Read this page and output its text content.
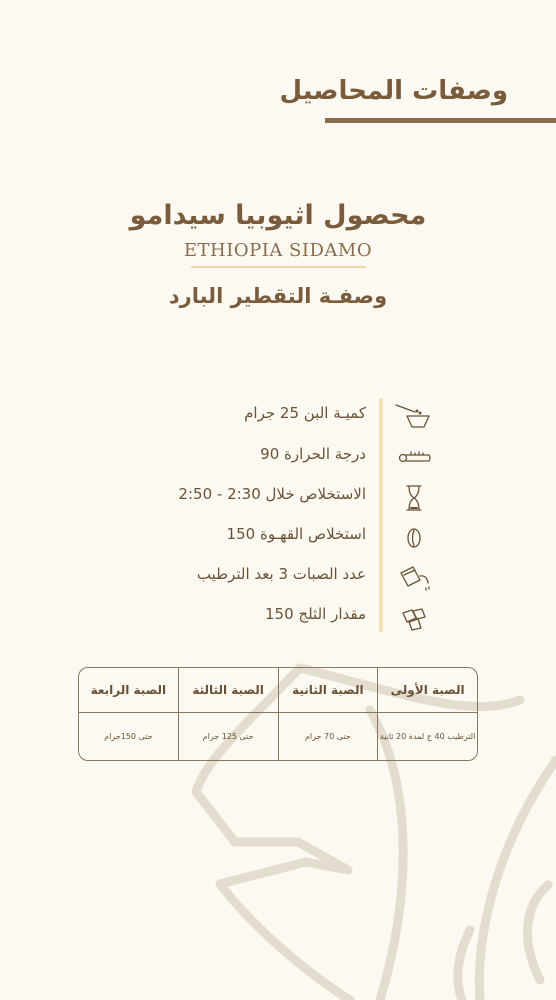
وصفات المحاصيل
محصول اثيوبيا سيدامو
ETHIOPIA SIDAMO
وصفـة التقطير البارد
كميـة البن 25 جرام
درجة الحرارة 90
الاستخلاص خلال 2:30 - 2:50
استخلاص القهـوة 150
عدد الصبات 3 بعد الترطيب
مقدار الثلج 150
الصبة الأولى
الصبة الثانية
الصبة الثالثة
الصبة الرابعة
الترطيب 40 ج لمدة 20 ثانية
حتى 70 جرام
حتى 125 جرام
حتى 150جرام
